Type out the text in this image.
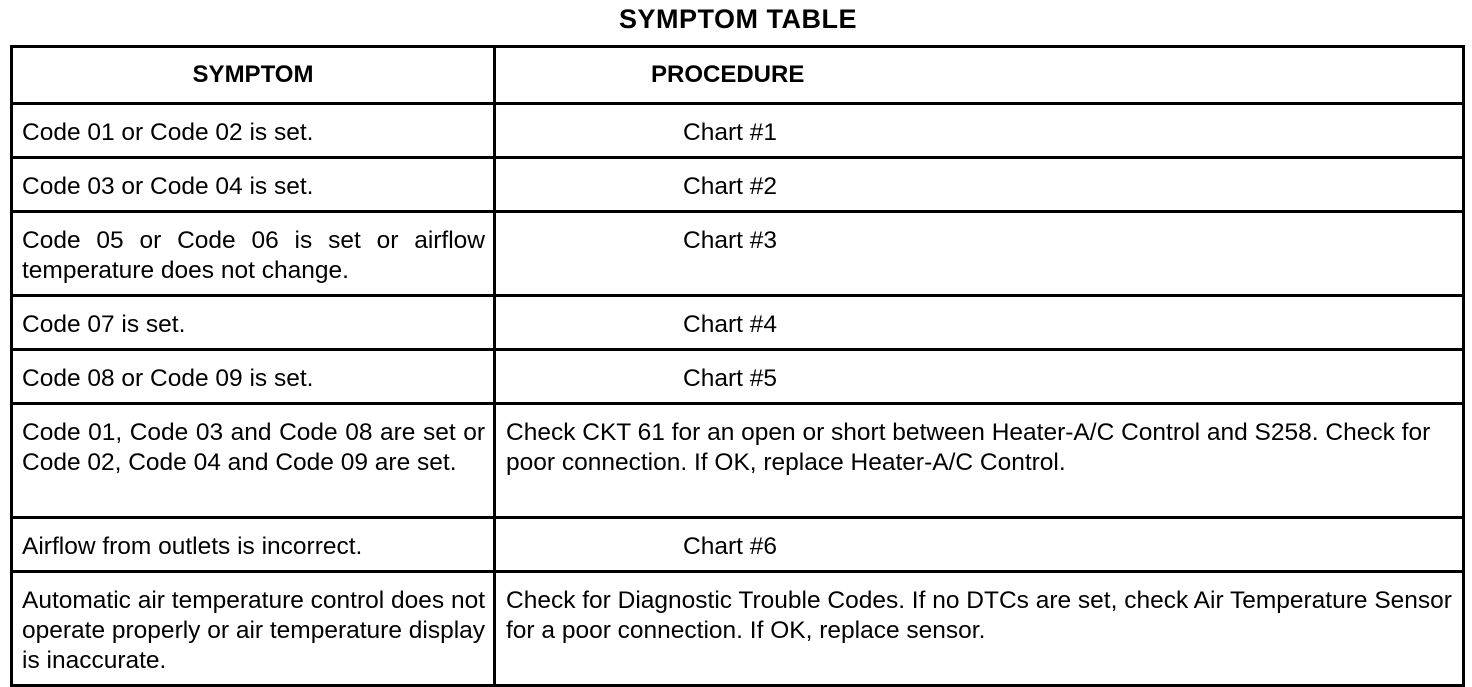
SYMPTOM TABLE
SYMPTOM	PROCEDURE
Code 01 or Code 02 is set.	Chart #1
Code 03 or Code 04 is set.	Chart #2
Code 05 or Code 06 is set or airflow temperature does not change.	Chart #3
Code 07 is set.	Chart #4
Code 08 or Code 09 is set.	Chart #5
Code 01, Code 03 and Code 08 are set or Code 02, Code 04 and Code 09 are set.	Check CKT 61 for an open or short between Heater-A/C Control and S258. Check for poor connection. If OK, replace Heater-A/C Control.
Airflow from outlets is incorrect.	Chart #6
Automatic air temperature control does not operate properly or air temperature display is inaccurate.	Check for Diagnostic Trouble Codes. If no DTCs are set, check Air Temperature Sensor for a poor connection. If OK, replace sensor.
